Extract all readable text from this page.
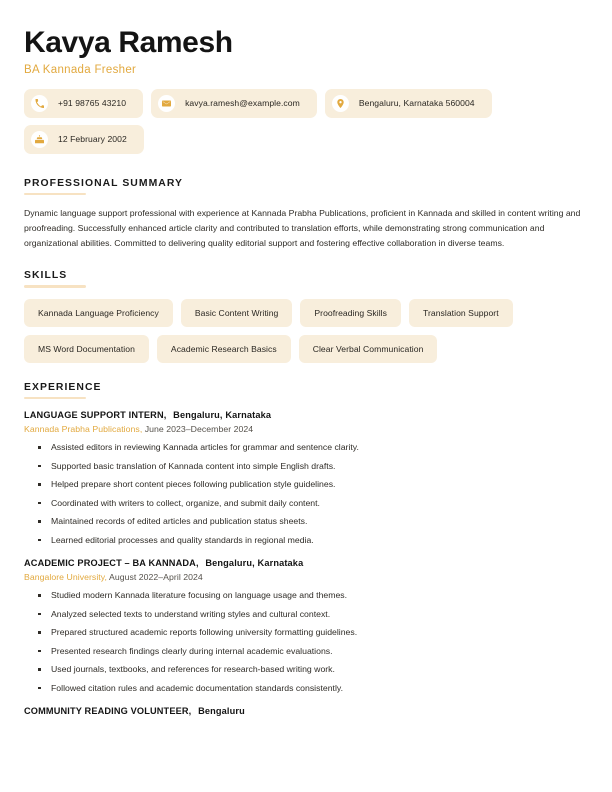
Kavya Ramesh
BA Kannada Fresher
+91 98765 43210	kavya.ramesh@example.com	Bengaluru, Karnataka 560004
12 February 2002
PROFESSIONAL SUMMARY

Dynamic language support professional with experience at Kannada Prabha Publications, proficient in Kannada and skilled in content writing and proofreading. Successfully enhanced article clarity and contributed to translation efforts, while demonstrating strong communication and organizational abilities. Committed to delivering quality editorial support and fostering effective collaboration in diverse teams.

SKILLS
Kannada Language Proficiency	Basic Content Writing	Proofreading Skills	Translation Support
MS Word Documentation	Academic Research Basics	Clear Verbal Communication
EXPERIENCE
LANGUAGE SUPPORT INTERN, Bengaluru, Karnataka
Kannada Prabha Publications, June 2023–December 2024
Assisted editors in reviewing Kannada articles for grammar and sentence clarity.
Supported basic translation of Kannada content into simple English drafts.
Helped prepare short content pieces following publication style guidelines.
Coordinated with writers to collect, organize, and submit daily content.
Maintained records of edited articles and publication status sheets.
Learned editorial processes and quality standards in regional media.
ACADEMIC PROJECT – BA KANNADA, Bengaluru, Karnataka
Bangalore University, August 2022–April 2024
Studied modern Kannada literature focusing on language usage and themes.
Analyzed selected texts to understand writing styles and cultural context.
Prepared structured academic reports following university formatting guidelines.
Presented research findings clearly during internal academic evaluations.
Used journals, textbooks, and references for research-based writing work.
Followed citation rules and academic documentation standards consistently.
COMMUNITY READING VOLUNTEER, Bengaluru
